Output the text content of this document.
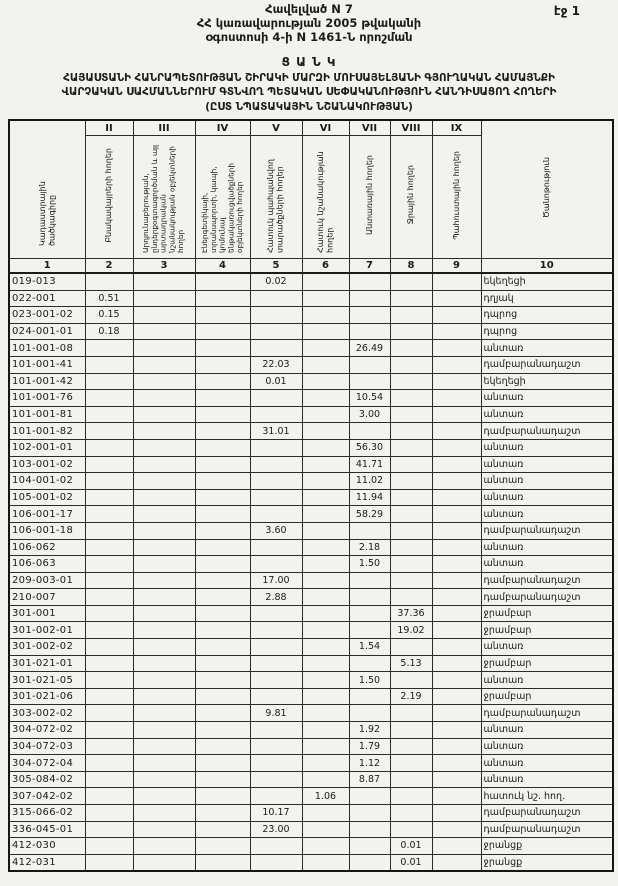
էջ 1
Հավելված N 7
ՀՀ կառավարության 2005 թվականի
օգոստոսի 4-ի N 1461-Ն որոշման
Ց Ա Ն Կ
ՀԱՅԱՍՏԱՆԻ ՀԱՆՐԱՊԵՏՈՒԹՅԱՆ ՇԻՐԱԿԻ ՄԱՐԶԻ ՄՈՒՍԱՅԵԼՅԱՆԻ ԳՅՈՒՂԱԿԱՆ ՀԱՄԱՅՆՔԻ
ՎԱՐՉԱԿԱՆ ՍԱՀՄԱՆՆԵՐՈՒՄ ԳՏՆՎՈՂ ՊԵՏԱԿԱՆ ՍԵՓԱԿԱՆՈՒԹՅՈՒՆ ՀԱՆԴԻՍԱՑՈՂ ՀՈՂԵՐԻ
(ԸՍՏ ՆՊԱՏԱԿԱՅԻՆ ՆՇԱՆԱԿՈՒԹՅԱՆ)
Կադաստրային ծածկագիրը	II	III	IV	V	VI	VII	VIII	IX	Ծանոթություն
	Բնակավայրերի հողեր	Արդյունաբերության, ընդերքօգտագործման և այլ արտադրական նշանակության օբյեկտների հողեր	Էներգետիկայի, տրանսպորտի, կապի, կոմունալ ենթակառուցվածքների օբյեկտների հողեր	Հատուկ պահպանվող տարածքների հողեր	Հատուկ նշանակության հողեր	Անտառային հողեր	Ջրային հողեր	Պահուստային հողեր	
1	2	3	4	5	6	7	8	9	10
019-013				0.02					եկեղեցի
022-001	0.51								դղյակ
023-001-02	0.15								դպրոց
024-001-01	0.18								դպրոց
101-001-08						26.49			անտառ
101-001-41				22.03					դամբարանադաշտ
101-001-42				0.01					եկեղեցի
101-001-76						10.54			անտառ
101-001-81						3.00			անտառ
101-001-82				31.01					դամբարանադաշտ
102-001-01						56.30			անտառ
103-001-02						41.71			անտառ
104-001-02						11.02			անտառ
105-001-02						11.94			անտառ
106-001-17						58.29			անտառ
106-001-18				3.60					դամբարանադաշտ
106-062						2.18			անտառ
106-063						1.50			անտառ
209-003-01				17.00					դամբարանադաշտ
210-007				2.88					դամբարանադաշտ
301-001							37.36		ջրամբար
301-002-01							19.02		ջրամբար
301-002-02						1.54			անտառ
301-021-01							5.13		ջրամբար
301-021-05						1.50			անտառ
301-021-06							2.19		ջրամբար
303-002-02				9.81					դամբարանադաշտ
304-072-02						1.92			անտառ
304-072-03						1.79			անտառ
304-072-04						1.12			անտառ
305-084-02						8.87			անտառ
307-042-02					1.06				հատուկ նշ. հող.
315-066-02				10.17					դամբարանադաշտ
336-045-01				23.00					դամբարանադաշտ
412-030							0.01		ջրանցք
412-031							0.01		ջրանցք
